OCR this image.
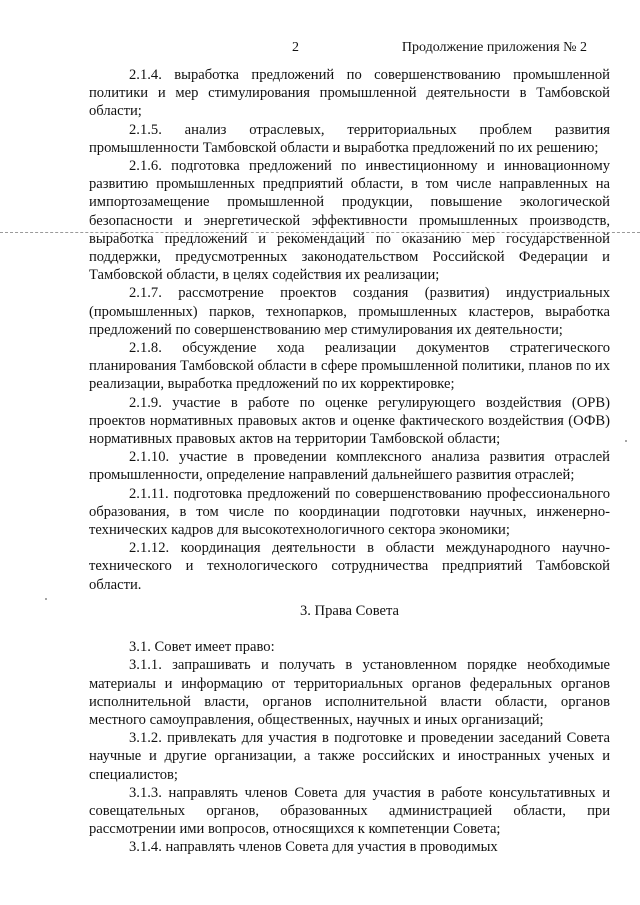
2	Продолжение приложения № 2

2.1.4. выработка предложений по совершенствованию промышленной политики и мер стимулирования промышленной деятельности в Тамбовской области;

2.1.5. анализ отраслевых, территориальных проблем развития промышленности Тамбовской области и выработка предложений по их решению;

2.1.6. подготовка предложений по инвестиционному и инновационному развитию промышленных предприятий области, в том числе направленных на импортозамещение промышленной продукции, повышение экологической безопасности и энергетической эффективности промышленных производств, выработка предложений и рекомендаций по оказанию мер государственной поддержки, предусмотренных законодательством Российской Федерации и Тамбовской области, в целях содействия их реализации;

2.1.7. рассмотрение проектов создания (развития) индустриальных (промышленных) парков, технопарков, промышленных кластеров, выработка предложений по совершенствованию мер стимулирования их деятельности;

2.1.8. обсуждение хода реализации документов стратегического планирования Тамбовской области в сфере промышленной политики, планов по их реализации, выработка предложений по их корректировке;

2.1.9. участие в работе по оценке регулирующего воздействия (ОРВ) проектов нормативных правовых актов и оценке фактического воздействия (ОФВ) нормативных правовых актов на территории Тамбовской области;

2.1.10. участие в проведении комплексного анализа развития отраслей промышленности, определение направлений дальнейшего развития отраслей;

2.1.11. подготовка предложений по совершенствованию профессионального образования, в том числе по координации подготовки научных, инженерно-технических кадров для высокотехнологичного сектора экономики;

2.1.12. координация деятельности в области международного научно-технического и технологического сотрудничества предприятий Тамбовской области.

3. Права Совета

3.1. Совет имеет право:

3.1.1. запрашивать и получать в установленном порядке необходимые материалы и информацию от территориальных органов федеральных органов исполнительной власти, органов исполнительной власти области, органов местного самоуправления, общественных, научных и иных организаций;

3.1.2. привлекать для участия в подготовке и проведении заседаний Совета научные и другие организации, а также российских и иностранных ученых и специалистов;

3.1.3. направлять членов Совета для участия в работе консультативных и совещательных органов, образованных администрацией области, при рассмотрении ими вопросов, относящихся к компетенции Совета;

3.1.4. направлять членов Совета для участия в проводимых
